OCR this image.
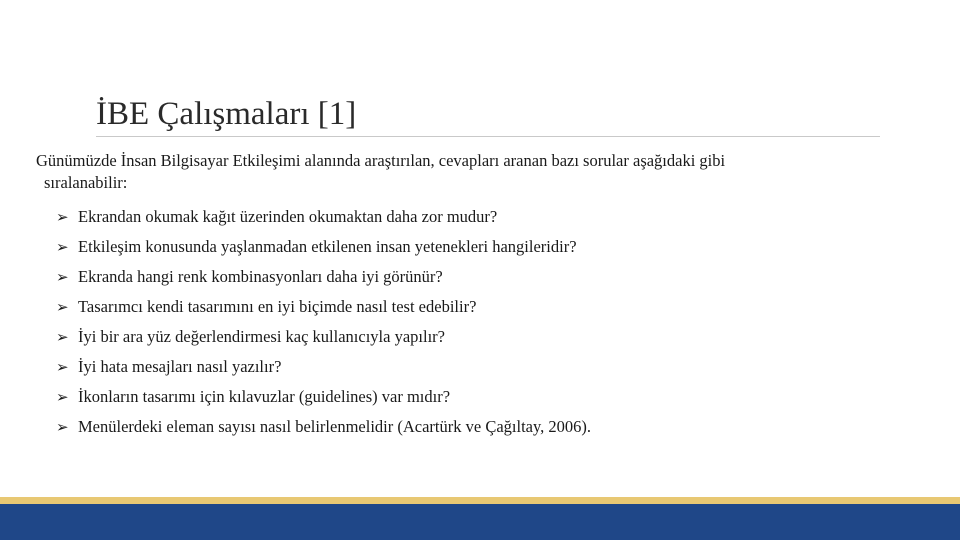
İBE Çalışmaları [1]
Günümüzde İnsan Bilgisayar Etkileşimi alanında araştırılan, cevapları aranan bazı sorular aşağıdaki gibi
sıralanabilir:
➢ Ekrandan okumak kağıt üzerinden okumaktan daha zor mudur?
➢ Etkileşim konusunda yaşlanmadan etkilenen insan yetenekleri hangileridir?
➢ Ekranda hangi renk kombinasyonları daha iyi görünür?
➢ Tasarımcı kendi tasarımını en iyi biçimde nasıl test edebilir?
➢ İyi bir ara yüz değerlendirmesi kaç kullanıcıyla yapılır?
➢ İyi hata mesajları nasıl yazılır?
➢ İkonların tasarımı için kılavuzlar (guidelines) var mıdır?
➢ Menülerdeki eleman sayısı nasıl belirlenmelidir (Acartürk ve Çağıltay, 2006).
